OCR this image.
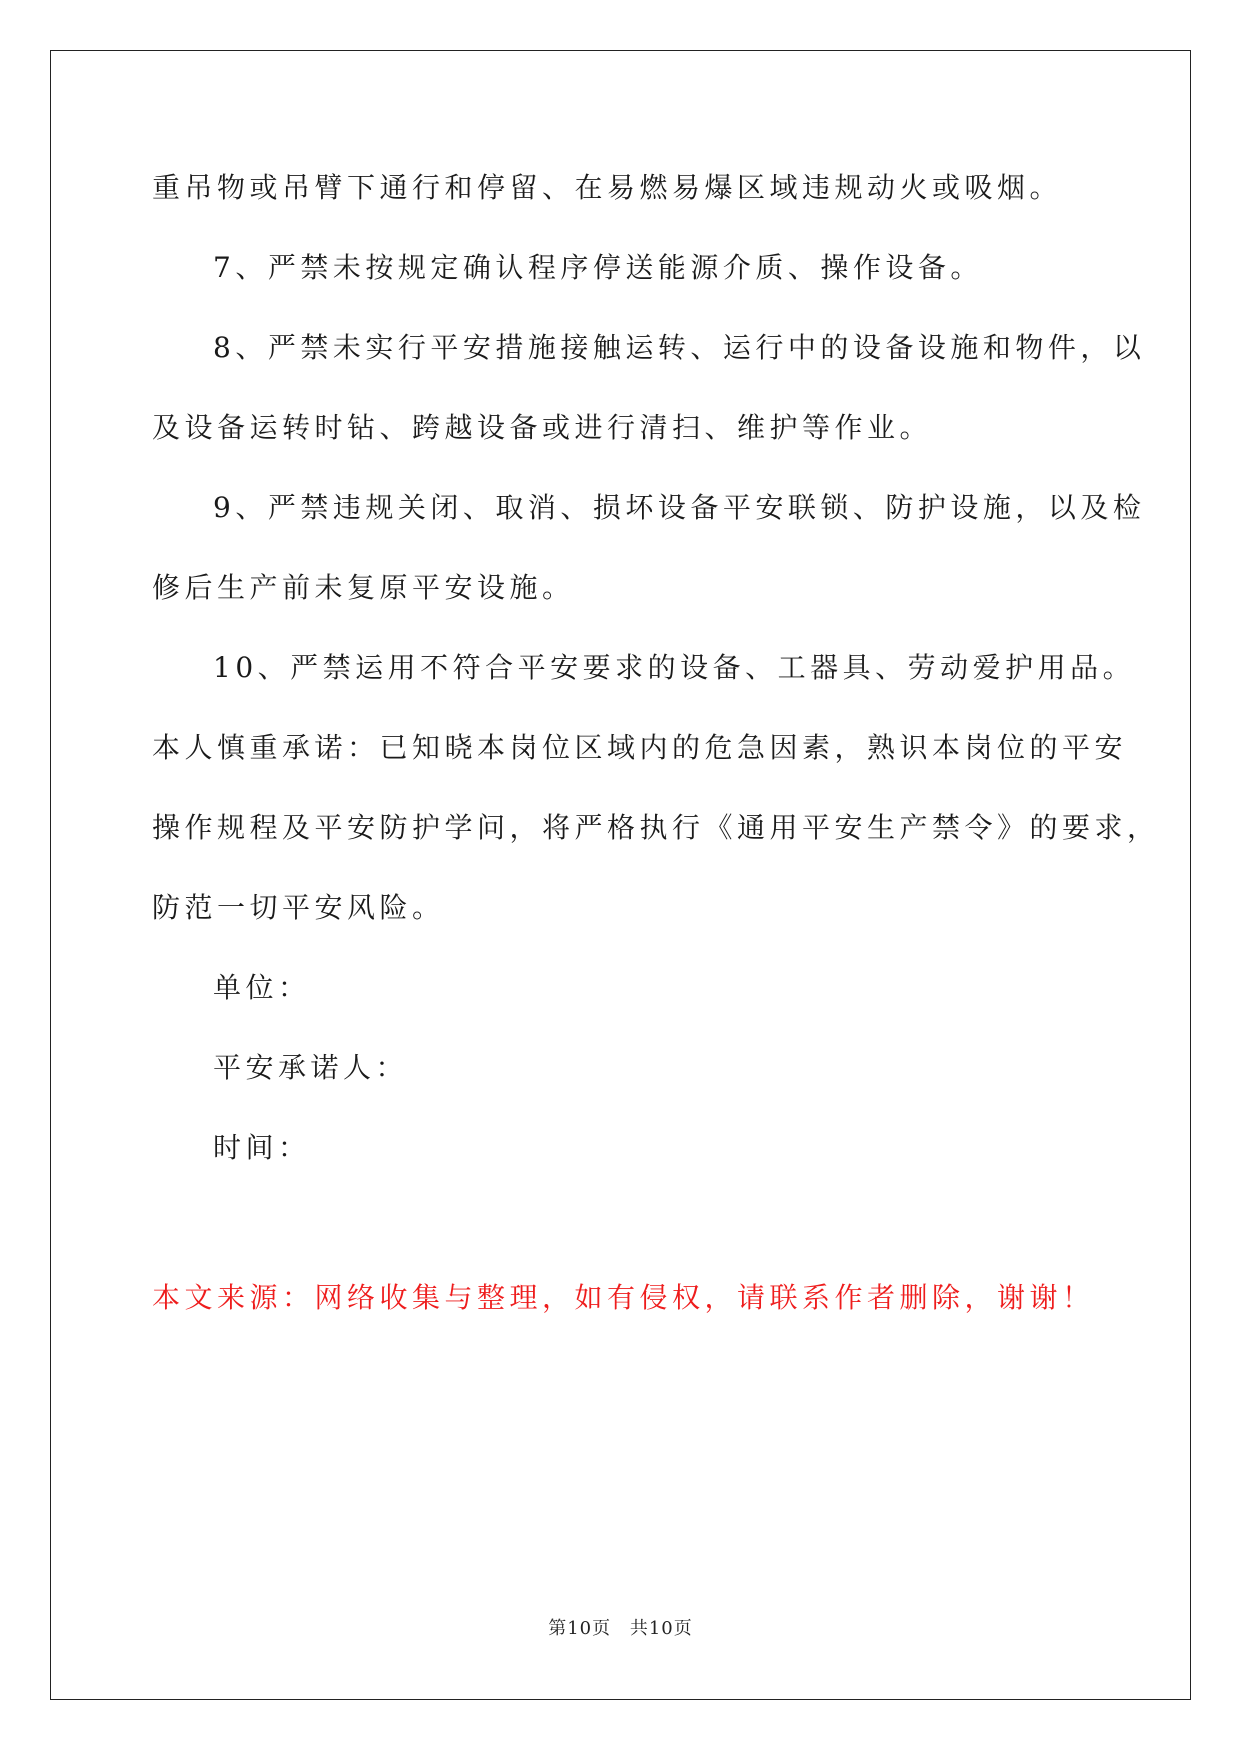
重吊物或吊臂下通行和停留、在易燃易爆区域违规动火或吸烟。
7、严禁未按规定确认程序停送能源介质、操作设备。
8、严禁未实行平安措施接触运转、运行中的设备设施和物件，以
及设备运转时钻、跨越设备或进行清扫、维护等作业。
9、严禁违规关闭、取消、损坏设备平安联锁、防护设施，以及检
修后生产前未复原平安设施。
10、严禁运用不符合平安要求的设备、工器具、劳动爱护用品。
本人慎重承诺：已知晓本岗位区域内的危急因素，熟识本岗位的平安
操作规程及平安防护学问，将严格执行《通用平安生产禁令》的要求，
防范一切平安风险。
单位：
平安承诺人：
时间：
本文来源：网络收集与整理，如有侵权，请联系作者删除，谢谢！
第10页 共10页
